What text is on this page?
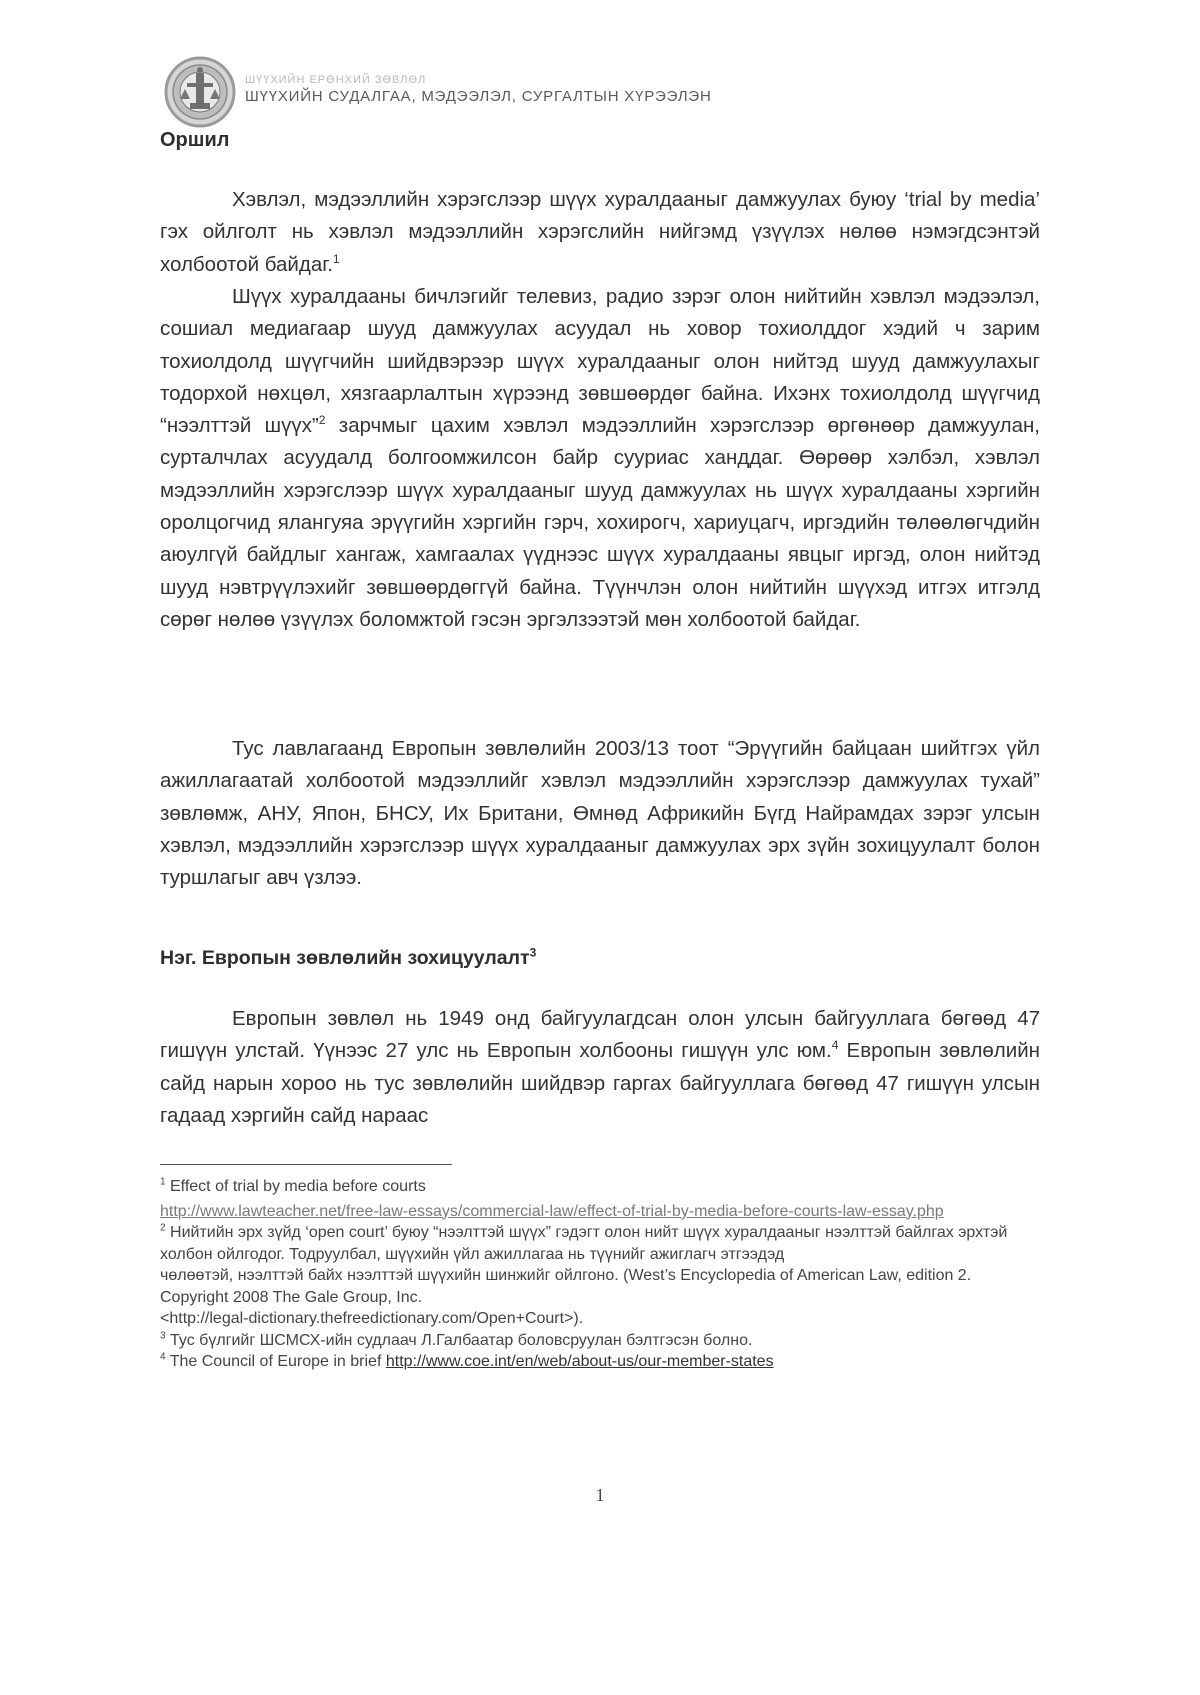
ШҮҮХИЙН ЕРӨНХИЙ ЗӨВЛӨЛ
ШҮҮХИЙН СУДАЛГАА, МЭДЭЭЛЭЛ, СУРГАЛТЫН ХҮРЭЭЛЭН
Оршил

Хэвлэл, мэдээллийн хэрэгслээр шүүх хуралдааныг дамжуулах буюу ‘trial by media’ гэх ойлголт нь хэвлэл мэдээллийн хэрэгслийн нийгэмд үзүүлэх нөлөө нэмэгдсэнтэй холбоотой байдаг.$^1$

Шүүх хуралдааны бичлэгийг телевиз, радио зэрэг олон нийтийн хэвлэл мэдээлэл, сошиал медиагаар шууд дамжуулах асуудал нь ховор тохиолддог хэдий ч зарим тохиолдолд шүүгчийн шийдвэрээр шүүх хуралдааныг олон нийтэд шууд дамжуулахыг тодорхой нөхцөл, хязгаарлалтын хүрээнд зөвшөөрдөг байна. Ихэнх тохиолдолд шүүгчид “нээлттэй шүүх”$^2$ зарчмыг цахим хэвлэл мэдээллийн хэрэгслээр өргөнөөр дамжуулан, сурталчлах асуудалд болгоомжилсон байр сууриас ханддаг. Өөрөөр хэлбэл, хэвлэл мэдээллийн хэрэгслээр шүүх хуралдааныг шууд дамжуулах нь шүүх хуралдааны хэргийн оролцогчид ялангуяа эрүүгийн хэргийн гэрч, хохирогч, хариуцагч, иргэдийн төлөөлөгчдийн аюулгүй байдлыг хангаж, хамгаалах үүднээс шүүх хуралдааны явцыг иргэд, олон нийтэд шууд нэвтрүүлэхийг зөвшөөрдөггүй байна. Түүнчлэн олон нийтийн шүүхэд итгэх итгэлд сөрөг нөлөө үзүүлэх боломжтой гэсэн эргэлзээтэй мөн холбоотой байдаг.

Тус лавлагаанд Европын зөвлөлийн 2003/13 тоот “Эрүүгийн байцаан шийтгэх үйл ажиллагаатай холбоотой мэдээллийг хэвлэл мэдээллийн хэрэгслээр дамжуулах тухай” зөвлөмж, АНУ, Япон, БНСУ, Их Британи, Өмнөд Африкийн Бүгд Найрамдах зэрэг улсын хэвлэл, мэдээллийн хэрэгслээр шүүх хуралдааныг дамжуулах эрх зүйн зохицуулалт болон туршлагыг авч үзлээ.

Нэг. Европын зөвлөлийн зохицуулалт$^3$

Европын зөвлөл нь 1949 онд байгуулагдсан олон улсын байгууллага бөгөөд 47 гишүүн улстай. Үүнээс 27 улс нь Европын холбооны гишүүн улс юм.$^4$ Европын зөвлөлийн сайд нарын хороо нь тус зөвлөлийн шийдвэр гаргах байгууллага бөгөөд 47 гишүүн улсын гадаад хэргийн сайд нараас

$^1$ Effect of trial by media before courts

http://www.lawteacher.net/free-law-essays/commercial-law/effect-of-trial-by-media-before-courts-law-essay.php

$^2$ Нийтийн эрх зүйд ‘open court’ буюу “нээлттэй шүүх” гэдэгт олон нийт шүүх хуралдааныг нээлттэй байлгах эрхтэй холбон ойлгодог. Тодруулбал, шүүхийн үйл ажиллагаа нь түүнийг ажиглагч этгээдэд

чөлөөтэй, нээлттэй байх нээлттэй шүүхийн шинжийг ойлгоно. (West’s Encyclopedia of American Law, edition 2. Copyright 2008 The Gale Group, Inc.

<http://legal-dictionary.thefreedictionary.com/Open+Court>).

$^3$ Тус бүлгийг ШСМСХ-ийн судлаач Л.Галбаатар боловсруулан бэлтгэсэн болно.

$^4$ The Council of Europe in brief http://www.coe.int/en/web/about-us/our-member-states

1
